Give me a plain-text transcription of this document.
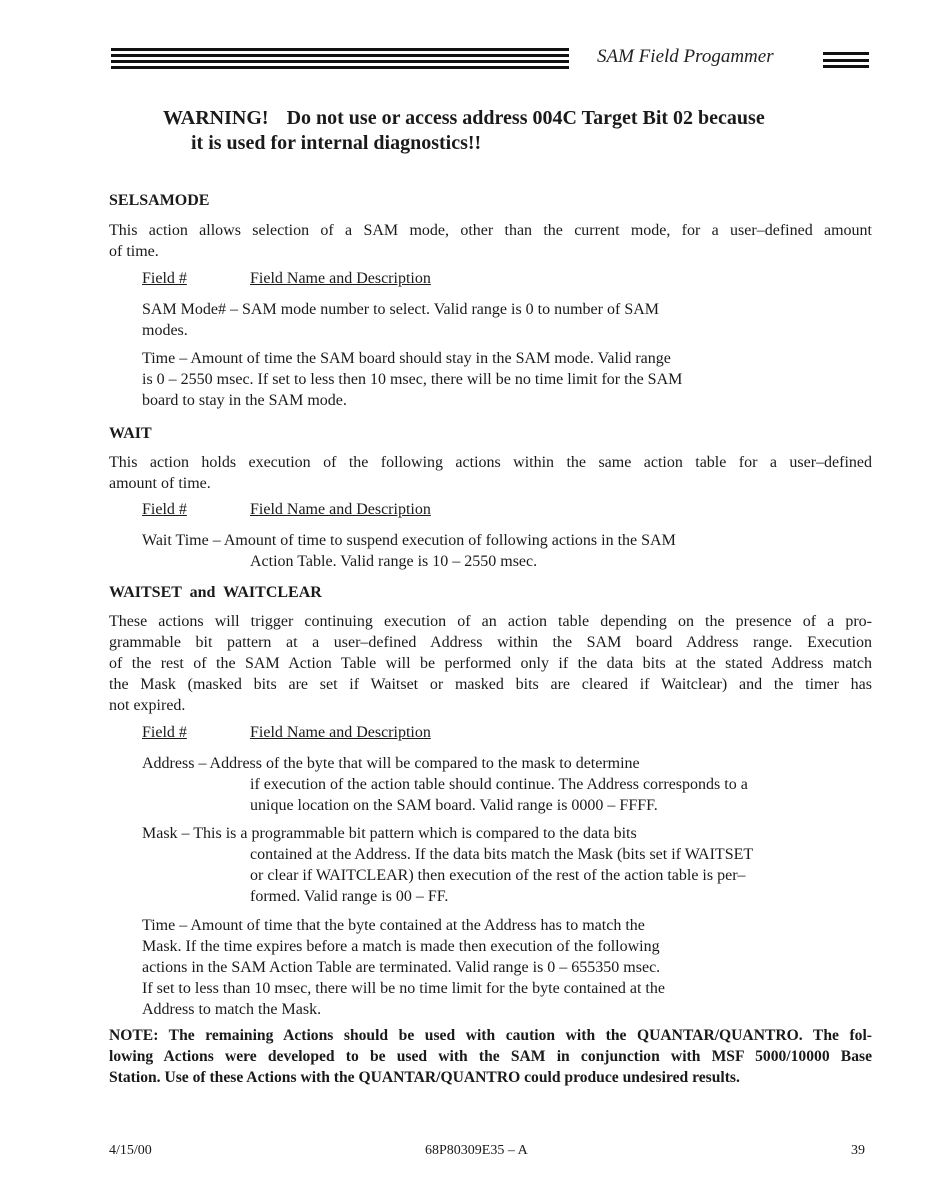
SAM Field Progammer
WARNING! Do not use or access address 004C Target Bit 02 because
it is used for internal diagnostics!!
SELSAMODE
This action allows selection of a SAM mode, other than the current mode, for a user–defined amount
of time.
Field #	Field Name and Description
SAM Mode# – SAM mode number to select. Valid range is 0 to number of SAM
modes.
Time – Amount of time the SAM board should stay in the SAM mode. Valid range
is 0 – 2550 msec. If set to less then 10 msec, there will be no time limit for the SAM
board to stay in the SAM mode.
WAIT
This action holds execution of the following actions within the same action table for a user–defined
amount of time.
Field #	Field Name and Description
Wait Time – Amount of time to suspend execution of following actions in the SAM
Action Table. Valid range is 10 – 2550 msec.
WAITSET  and  WAITCLEAR
These actions will trigger continuing execution of an action table depending on the presence of a pro-
grammable bit pattern at a user–defined Address within the SAM board Address range. Execution
of the rest of the SAM Action Table will be performed only if the data bits at the stated Address match
the Mask (masked bits are set if Waitset or masked bits are cleared if Waitclear) and the timer has
not expired.
Field #	Field Name and Description
Address – Address of the byte that will be compared to the mask to determine
if execution of the action table should continue. The Address corresponds to a
unique location on the SAM board. Valid range is 0000 – FFFF.
Mask – This is a programmable bit pattern which is compared to the data bits
contained at the Address. If the data bits match the Mask (bits set if WAITSET
or clear if WAITCLEAR) then execution of the rest of the action table is per–
formed. Valid range is 00 – FF.
Time – Amount of time that the byte contained at the Address has to match the
Mask. If the time expires before a match is made then execution of the following
actions in the SAM Action Table are terminated. Valid range is 0 – 655350 msec.
If set to less than 10 msec, there will be no time limit for the byte contained at the
Address to match the Mask.
NOTE: The remaining Actions should be used with caution with the QUANTAR/QUANTRO. The fol-
lowing Actions were developed to be used with the SAM in conjunction with MSF 5000/10000 Base
Station. Use of these Actions with the QUANTAR/QUANTRO could produce undesired results.
4/15/00	68P80309E35 – A	39
